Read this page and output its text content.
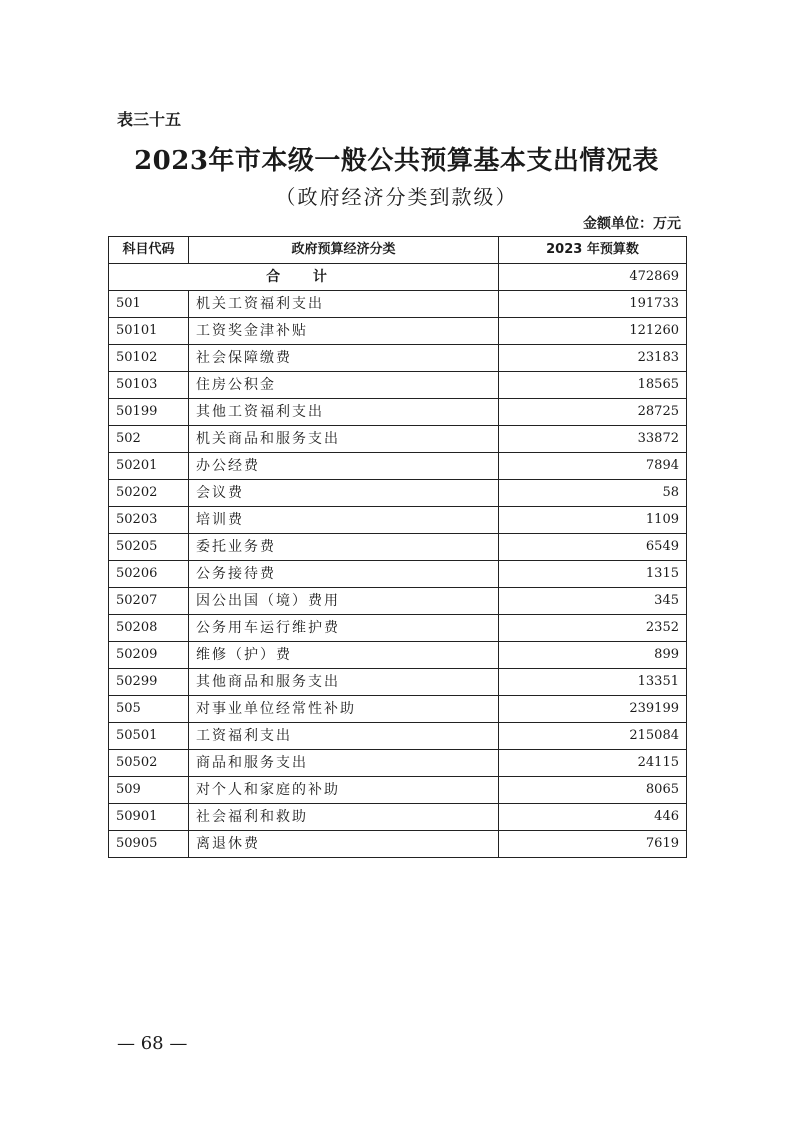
表三十五
2023年市本级一般公共预算基本支出情况表
（政府经济分类到款级）
金额单位：万元
科目代码	政府预算经济分类	2023 年预算数
合 计		472869
501	机关工资福利支出	191733
50101	工资奖金津补贴	121260
50102	社会保障缴费	23183
50103	住房公积金	18565
50199	其他工资福利支出	28725
502	机关商品和服务支出	33872
50201	办公经费	7894
50202	会议费	58
50203	培训费	1109
50205	委托业务费	6549
50206	公务接待费	1315
50207	因公出国（境）费用	345
50208	公务用车运行维护费	2352
50209	维修（护）费	899
50299	其他商品和服务支出	13351
505	对事业单位经常性补助	239199
50501	工资福利支出	215084
50502	商品和服务支出	24115
509	对个人和家庭的补助	8065
50901	社会福利和救助	446
50905	离退休费	7619
— 68 —
